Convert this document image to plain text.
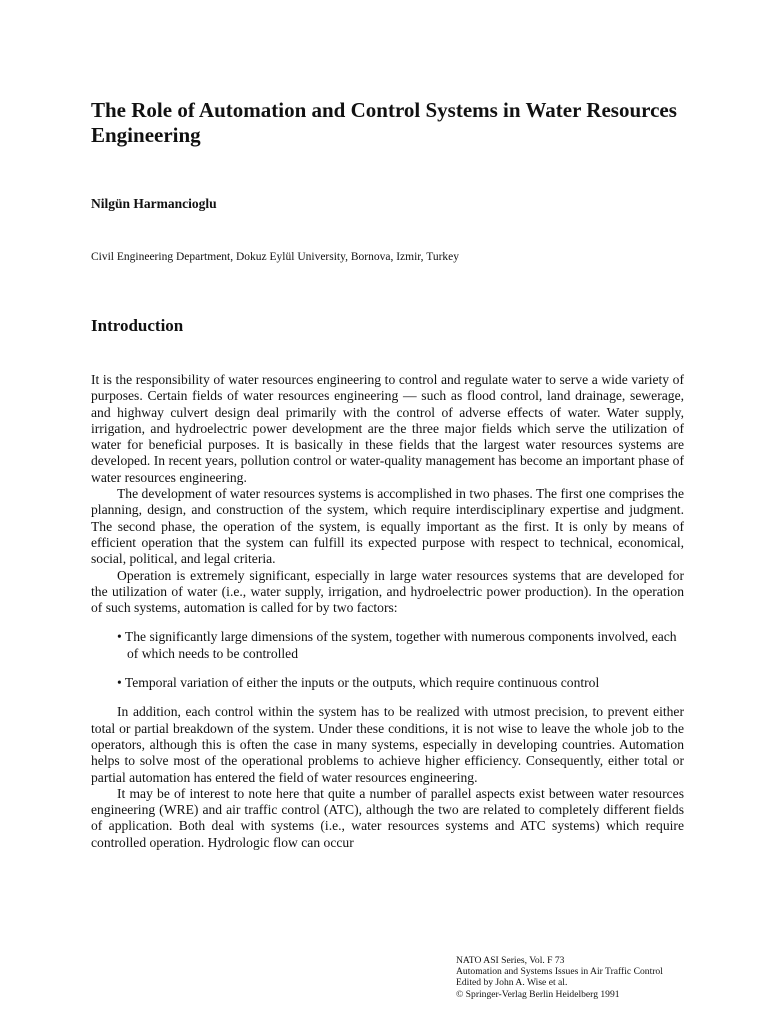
The Role of Automation and Control Systems in Water Resources Engineering

Nilgün Harmancioglu

Civil Engineering Department, Dokuz Eylül University, Bornova, Izmir, Turkey

Introduction

It is the responsibility of water resources engineering to control and regulate water to serve a wide variety of purposes. Certain fields of water resources engineering — such as flood control, land drainage, sewerage, and highway culvert design deal primarily with the control of adverse effects of water. Water supply, irrigation, and hydroelectric power development are the three major fields which serve the utilization of water for beneficial purposes. It is basically in these fields that the largest water resources systems are developed. In recent years, pollution control or water-quality management has become an important phase of water resources engineering.

The development of water resources systems is accomplished in two phases. The first one comprises the planning, design, and construction of the system, which require interdisciplinary expertise and judgment. The second phase, the operation of the system, is equally important as the first. It is only by means of efficient operation that the system can fulfill its expected purpose with respect to technical, economical, social, political, and legal criteria.

Operation is extremely significant, especially in large water resources systems that are developed for the utilization of water (i.e., water supply, irrigation, and hydroelectric power production). In the operation of such systems, automation is called for by two factors:

• The significantly large dimensions of the system, together with numerous components involved, each of which needs to be controlled
• Temporal variation of either the inputs or the outputs, which require continuous control

In addition, each control within the system has to be realized with utmost precision, to prevent either total or partial breakdown of the system. Under these conditions, it is not wise to leave the whole job to the operators, although this is often the case in many systems, especially in developing countries. Automation helps to solve most of the operational problems to achieve higher efficiency. Consequently, either total or partial automation has entered the field of water resources engineering.

It may be of interest to note here that quite a number of parallel aspects exist between water resources engineering (WRE) and air traffic control (ATC), although the two are related to completely different fields of application. Both deal with systems (i.e., water resources systems and ATC systems) which require controlled operation. Hydrologic flow can occur

NATO ASI Series, Vol. F 73
Automation and Systems Issues in Air Traffic Control
Edited by John A. Wise et al.
© Springer-Verlag Berlin Heidelberg 1991
